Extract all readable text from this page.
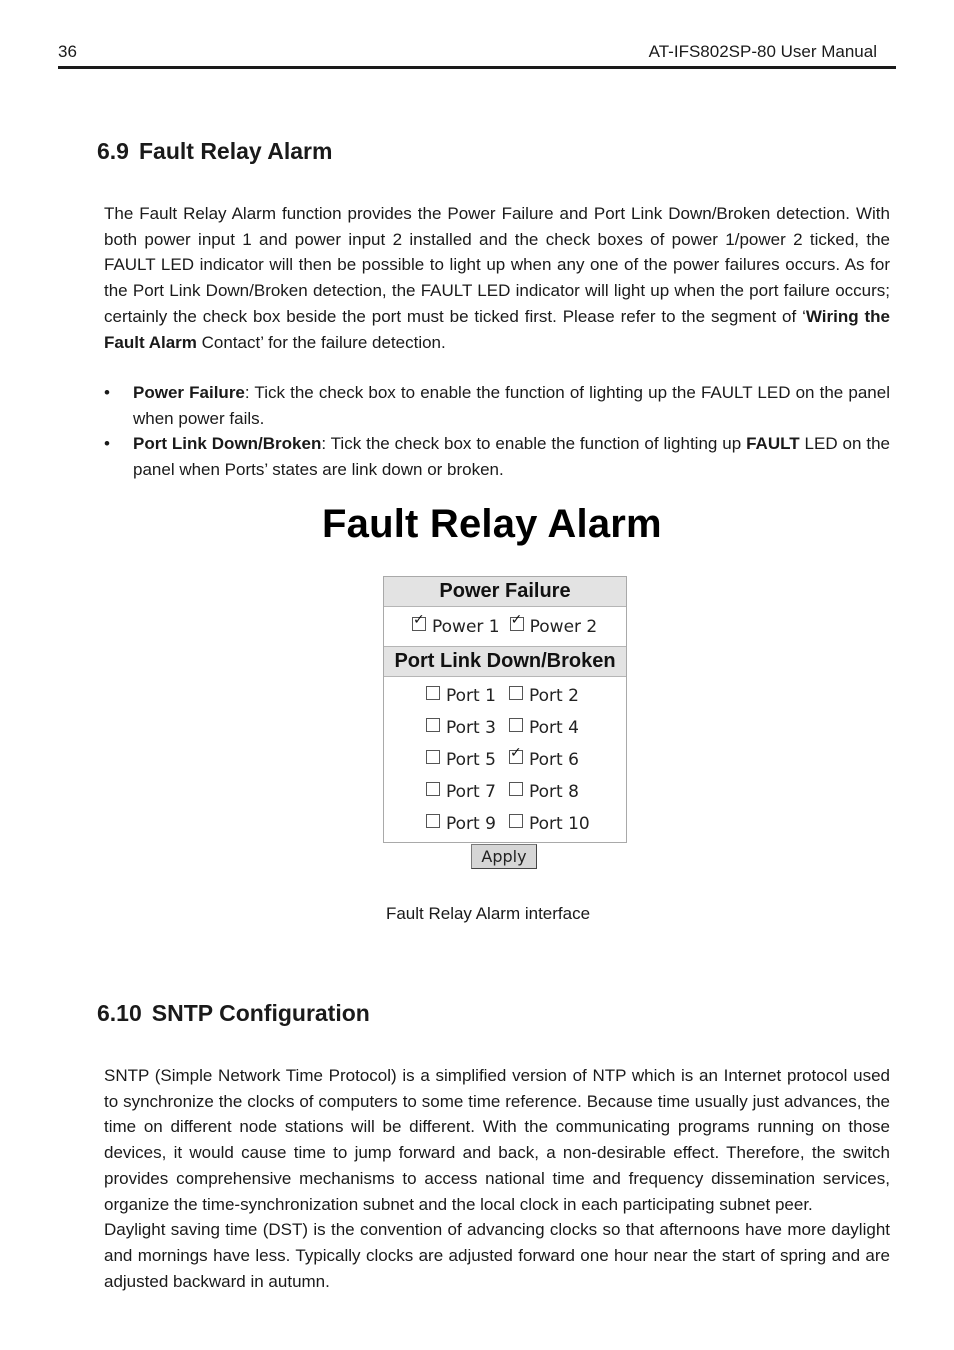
36	AT-IFS802SP-80 User Manual
6.9 Fault Relay Alarm

The Fault Relay Alarm function provides the Power Failure and Port Link Down/Broken detection. With both power input 1 and power input 2 installed and the check boxes of power 1/power 2 ticked, the FAULT LED indicator will then be possible to light up when any one of the power failures occurs. As for the Port Link Down/Broken detection, the FAULT LED indicator will light up when the port failure occurs; certainly the check box beside the port must be ticked first. Please refer to the segment of ‘Wiring the Fault Alarm Contact’ for the failure detection.

• Power Failure: Tick the check box to enable the function of lighting up the FAULT LED on the panel when power fails.
• Port Link Down/Broken: Tick the check box to enable the function of lighting up FAULT LED on the panel when Ports’ states are link down or broken.
Fault Relay Alarm
Power Failure
✓
Power 1 ✓ Power 2
Port Link Down/Broken
Port 1 Port 2
Port 3 Port 4
Port 5 ✓ Port 6
Port 7 Port 8
Port 9 Port 10
Apply
Fault Relay Alarm interface
6.10 SNTP Configuration

SNTP (Simple Network Time Protocol) is a simplified version of NTP which is an Internet protocol used to synchronize the clocks of computers to some time reference. Because time usually just advances, the time on different node stations will be different. With the communicating programs running on those devices, it would cause time to jump forward and back, a non-desirable effect. Therefore, the switch provides comprehensive mechanisms to access national time and frequency dissemination services, organize the time-synchronization subnet and the local clock in each participating subnet peer.

Daylight saving time (DST) is the convention of advancing clocks so that afternoons have more daylight and mornings have less. Typically clocks are adjusted forward one hour near the start of spring and are adjusted backward in autumn.
